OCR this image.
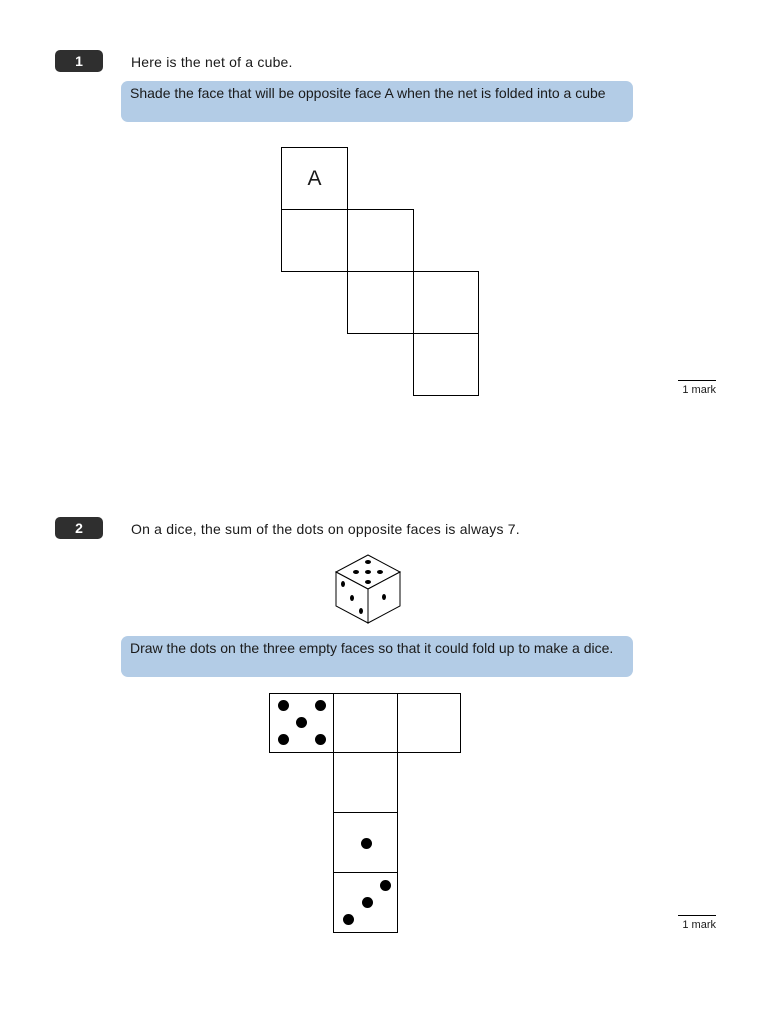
1	Here is the net of a cube.
Shade the face that will be opposite face A when the net is folded into a cube
A
1 mark
2	On a dice, the sum of the dots on opposite faces is always 7.
Draw the dots on the three empty faces so that it could fold up to make a dice.
1 mark
